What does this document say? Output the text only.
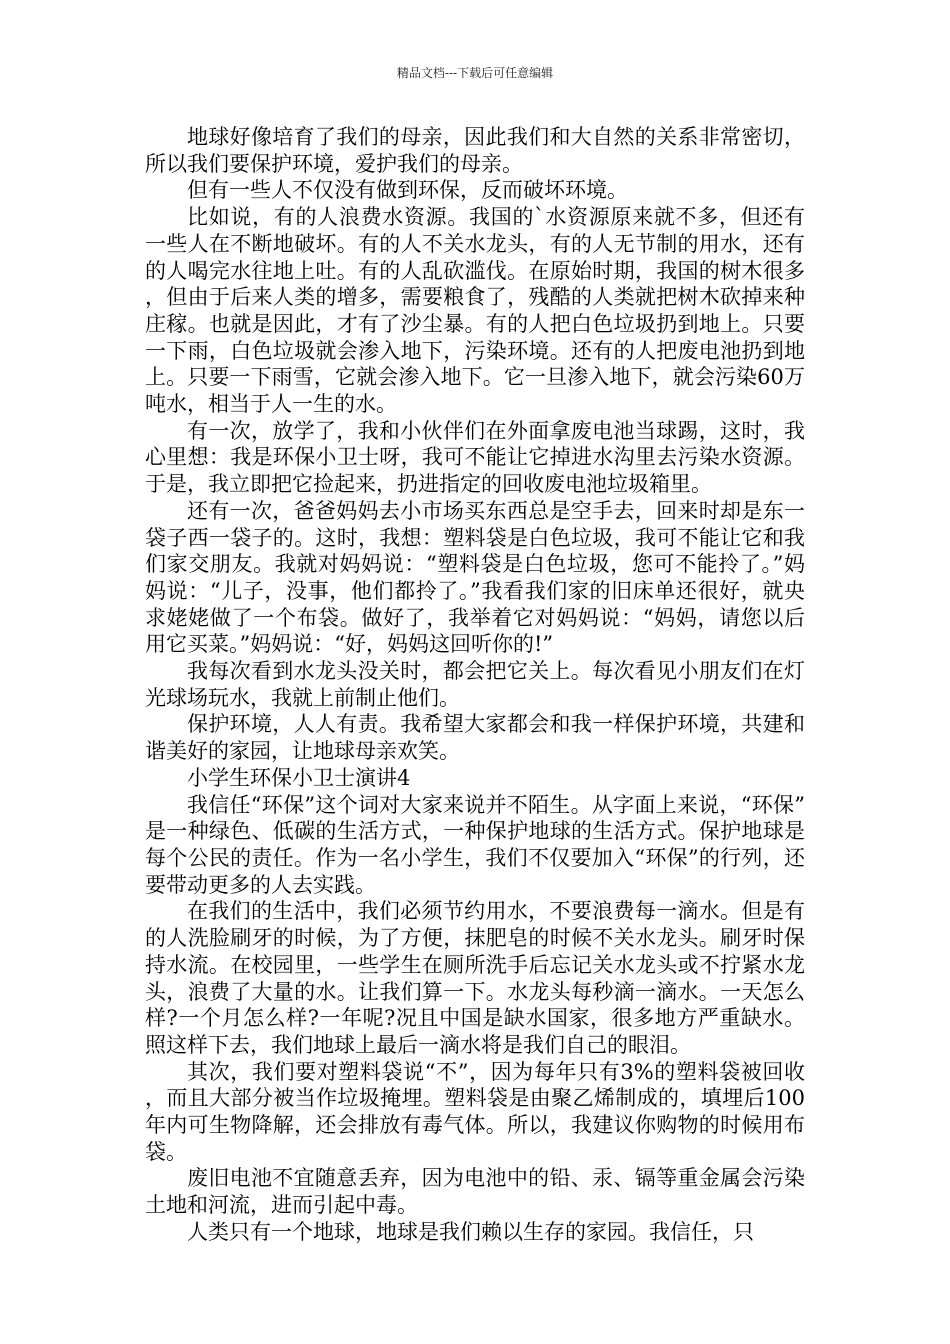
精品文档---下载后可任意编辑

地球好像培育了我们的母亲，因此我们和大自然的关系非常密切，所以我们要保护环境，爱护我们的母亲。

但有一些人不仅没有做到环保，反而破坏环境。

比如说，有的人浪费水资源。我国的`水资源原来就不多，但还有一些人在不断地破坏。有的人不关水龙头，有的人无节制的用水，还有的人喝完水往地上吐。有的人乱砍滥伐。在原始时期，我国的树木很多，但由于后来人类的增多，需要粮食了，残酷的人类就把树木砍掉来种庄稼。也就是因此，才有了沙尘暴。有的人把白色垃圾扔到地上。只要一下雨，白色垃圾就会渗入地下，污染环境。还有的人把废电池扔到地上。只要一下雨雪，它就会渗入地下。它一旦渗入地下，就会污染60万吨水，相当于人一生的水。

有一次，放学了，我和小伙伴们在外面拿废电池当球踢，这时，我心里想：我是环保小卫士呀，我可不能让它掉进水沟里去污染水资源。于是，我立即把它捡起来，扔进指定的回收废电池垃圾箱里。

还有一次，爸爸妈妈去小市场买东西总是空手去，回来时却是东一袋子西一袋子的。这时，我想：塑料袋是白色垃圾，我可不能让它和我们家交朋友。我就对妈妈说：“塑料袋是白色垃圾，您可不能拎了。”妈妈说：“儿子，没事，他们都拎了。”我看我们家的旧床单还很好，就央求姥姥做了一个布袋。做好了，我举着它对妈妈说：“妈妈，请您以后用它买菜。”妈妈说：“好，妈妈这回听你的!”

我每次看到水龙头没关时，都会把它关上。每次看见小朋友们在灯光球场玩水，我就上前制止他们。

保护环境，人人有责。我希望大家都会和我一样保护环境，共建和谐美好的家园，让地球母亲欢笑。

小学生环保小卫士演讲4

我信任“环保”这个词对大家来说并不陌生。从字面上来说，“环保”是一种绿色、低碳的生活方式，一种保护地球的生活方式。保护地球是每个公民的责任。作为一名小学生，我们不仅要加入“环保”的行列，还要带动更多的人去实践。

在我们的生活中，我们必须节约用水，不要浪费每一滴水。但是有的人洗脸刷牙的时候，为了方便，抹肥皂的时候不关水龙头。刷牙时保持水流。在校园里，一些学生在厕所洗手后忘记关水龙头或不拧紧水龙头，浪费了大量的水。让我们算一下。水龙头每秒滴一滴水。一天怎么样?一个月怎么样?一年呢?况且中国是缺水国家，很多地方严重缺水。照这样下去，我们地球上最后一滴水将是我们自己的眼泪。

其次，我们要对塑料袋说“不”，因为每年只有3%的塑料袋被回收，而且大部分被当作垃圾掩埋。塑料袋是由聚乙烯制成的，填埋后100年内可生物降解，还会排放有毒气体。所以，我建议你购物的时候用布袋。

废旧电池不宜随意丢弃，因为电池中的铅、汞、镉等重金属会污染土地和河流，进而引起中毒。

人类只有一个地球，地球是我们赖以生存的家园。我信任，只
